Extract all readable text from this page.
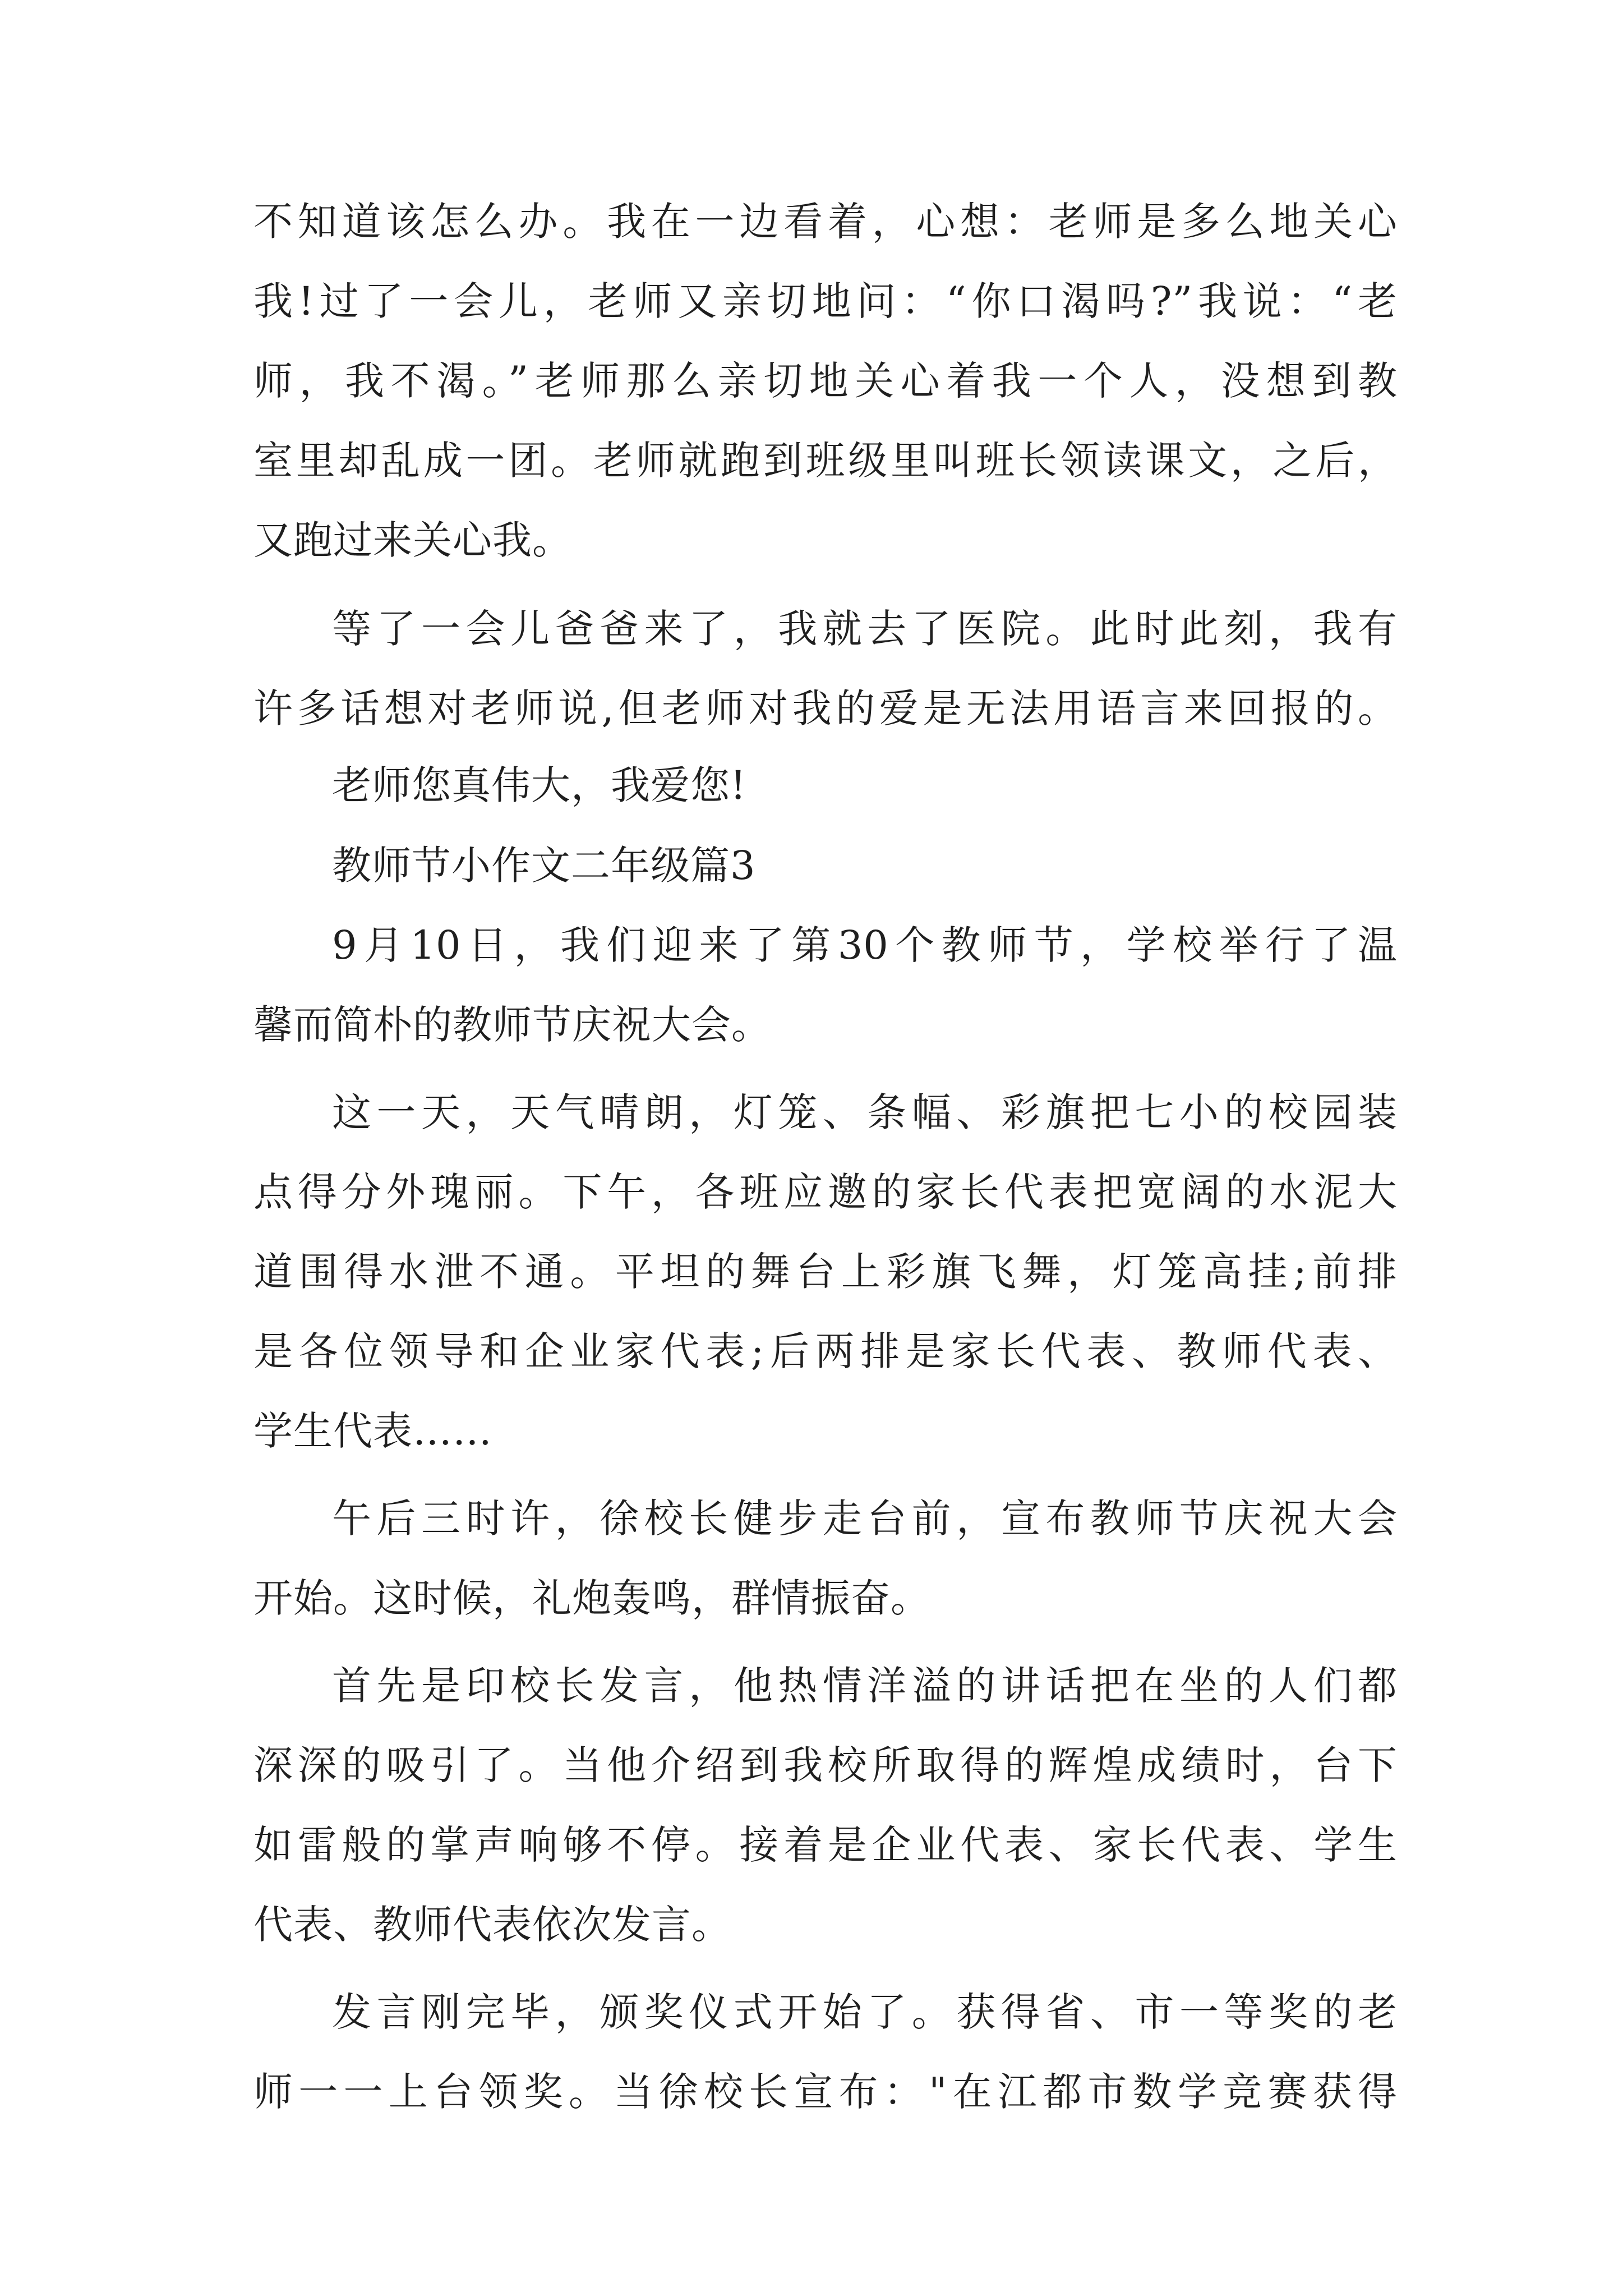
不知道该怎么办。我在一边看着，心想：老师是多么地关心
我!过了一会儿，老师又亲切地问：“你口渴吗?”我说：“老
师，我不渴。”老师那么亲切地关心着我一个人，没想到教
室里却乱成一团。老师就跑到班级里叫班长领读课文，之后，
又跑过来关心我。
等了一会儿爸爸来了，我就去了医院。此时此刻，我有
许多话想对老师说,但老师对我的爱是无法用语言来回报的。
老师您真伟大，我爱您!
教师节小作文二年级篇3
9月10日，我们迎来了第30个教师节，学校举行了温
馨而简朴的教师节庆祝大会。
这一天，天气晴朗，灯笼、条幅、彩旗把七小的校园装
点得分外瑰丽。下午，各班应邀的家长代表把宽阔的水泥大
道围得水泄不通。平坦的舞台上彩旗飞舞，灯笼高挂;前排
是各位领导和企业家代表;后两排是家长代表、教师代表、
学生代表……
午后三时许，徐校长健步走台前，宣布教师节庆祝大会
开始。这时候，礼炮轰鸣，群情振奋。
首先是印校长发言，他热情洋溢的讲话把在坐的人们都
深深的吸引了。当他介绍到我校所取得的辉煌成绩时，台下
如雷般的掌声响够不停。接着是企业代表、家长代表、学生
代表、教师代表依次发言。
发言刚完毕，颁奖仪式开始了。获得省、市一等奖的老
师一一上台领奖。当徐校长宣布："在江都市数学竞赛获得
